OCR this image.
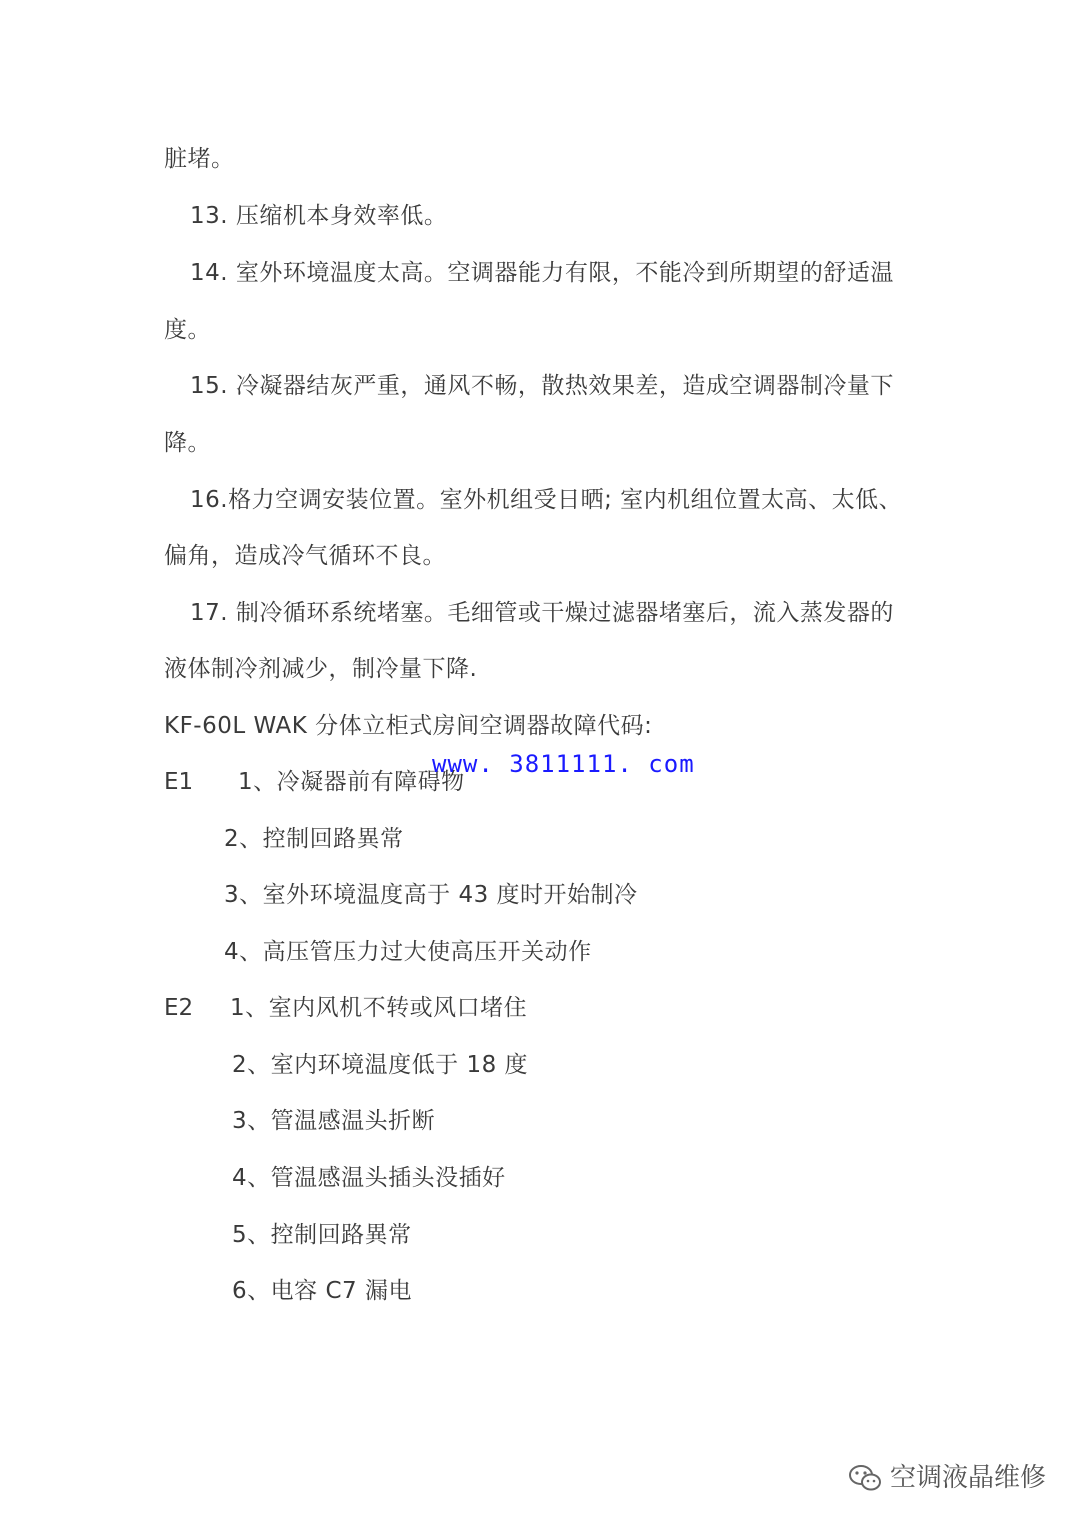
脏堵。
13. 压缩机本身效率低。
14. 室外环境温度太高。空调器能力有限，不能冷到所期望的舒适温
度。
15. 冷凝器结灰严重，通风不畅，散热效果差，造成空调器制冷量下
降。
16.格力空调安装位置。室外机组受日晒; 室内机组位置太高、太低、
偏角，造成冷气循环不良。
17. 制冷循环系统堵塞。毛细管或干燥过滤器堵塞后，流入蒸发器的
液体制冷剂减少，制冷量下降.
KF-60L WAK 分体立柜式房间空调器故障代码:
E1 1、冷凝器前有障碍物
2、控制回路異常
3、室外环境温度高于 43 度时开始制冷
4、高压管压力过大使高压开关动作
E2 1、室内风机不转或风口堵住
2、室内环境温度低于 18 度
3、管温感温头折断
4、管温感温头插头没插好
5、控制回路異常
6、电容 C7 漏电
www. 3811111. com
空调液晶维修
